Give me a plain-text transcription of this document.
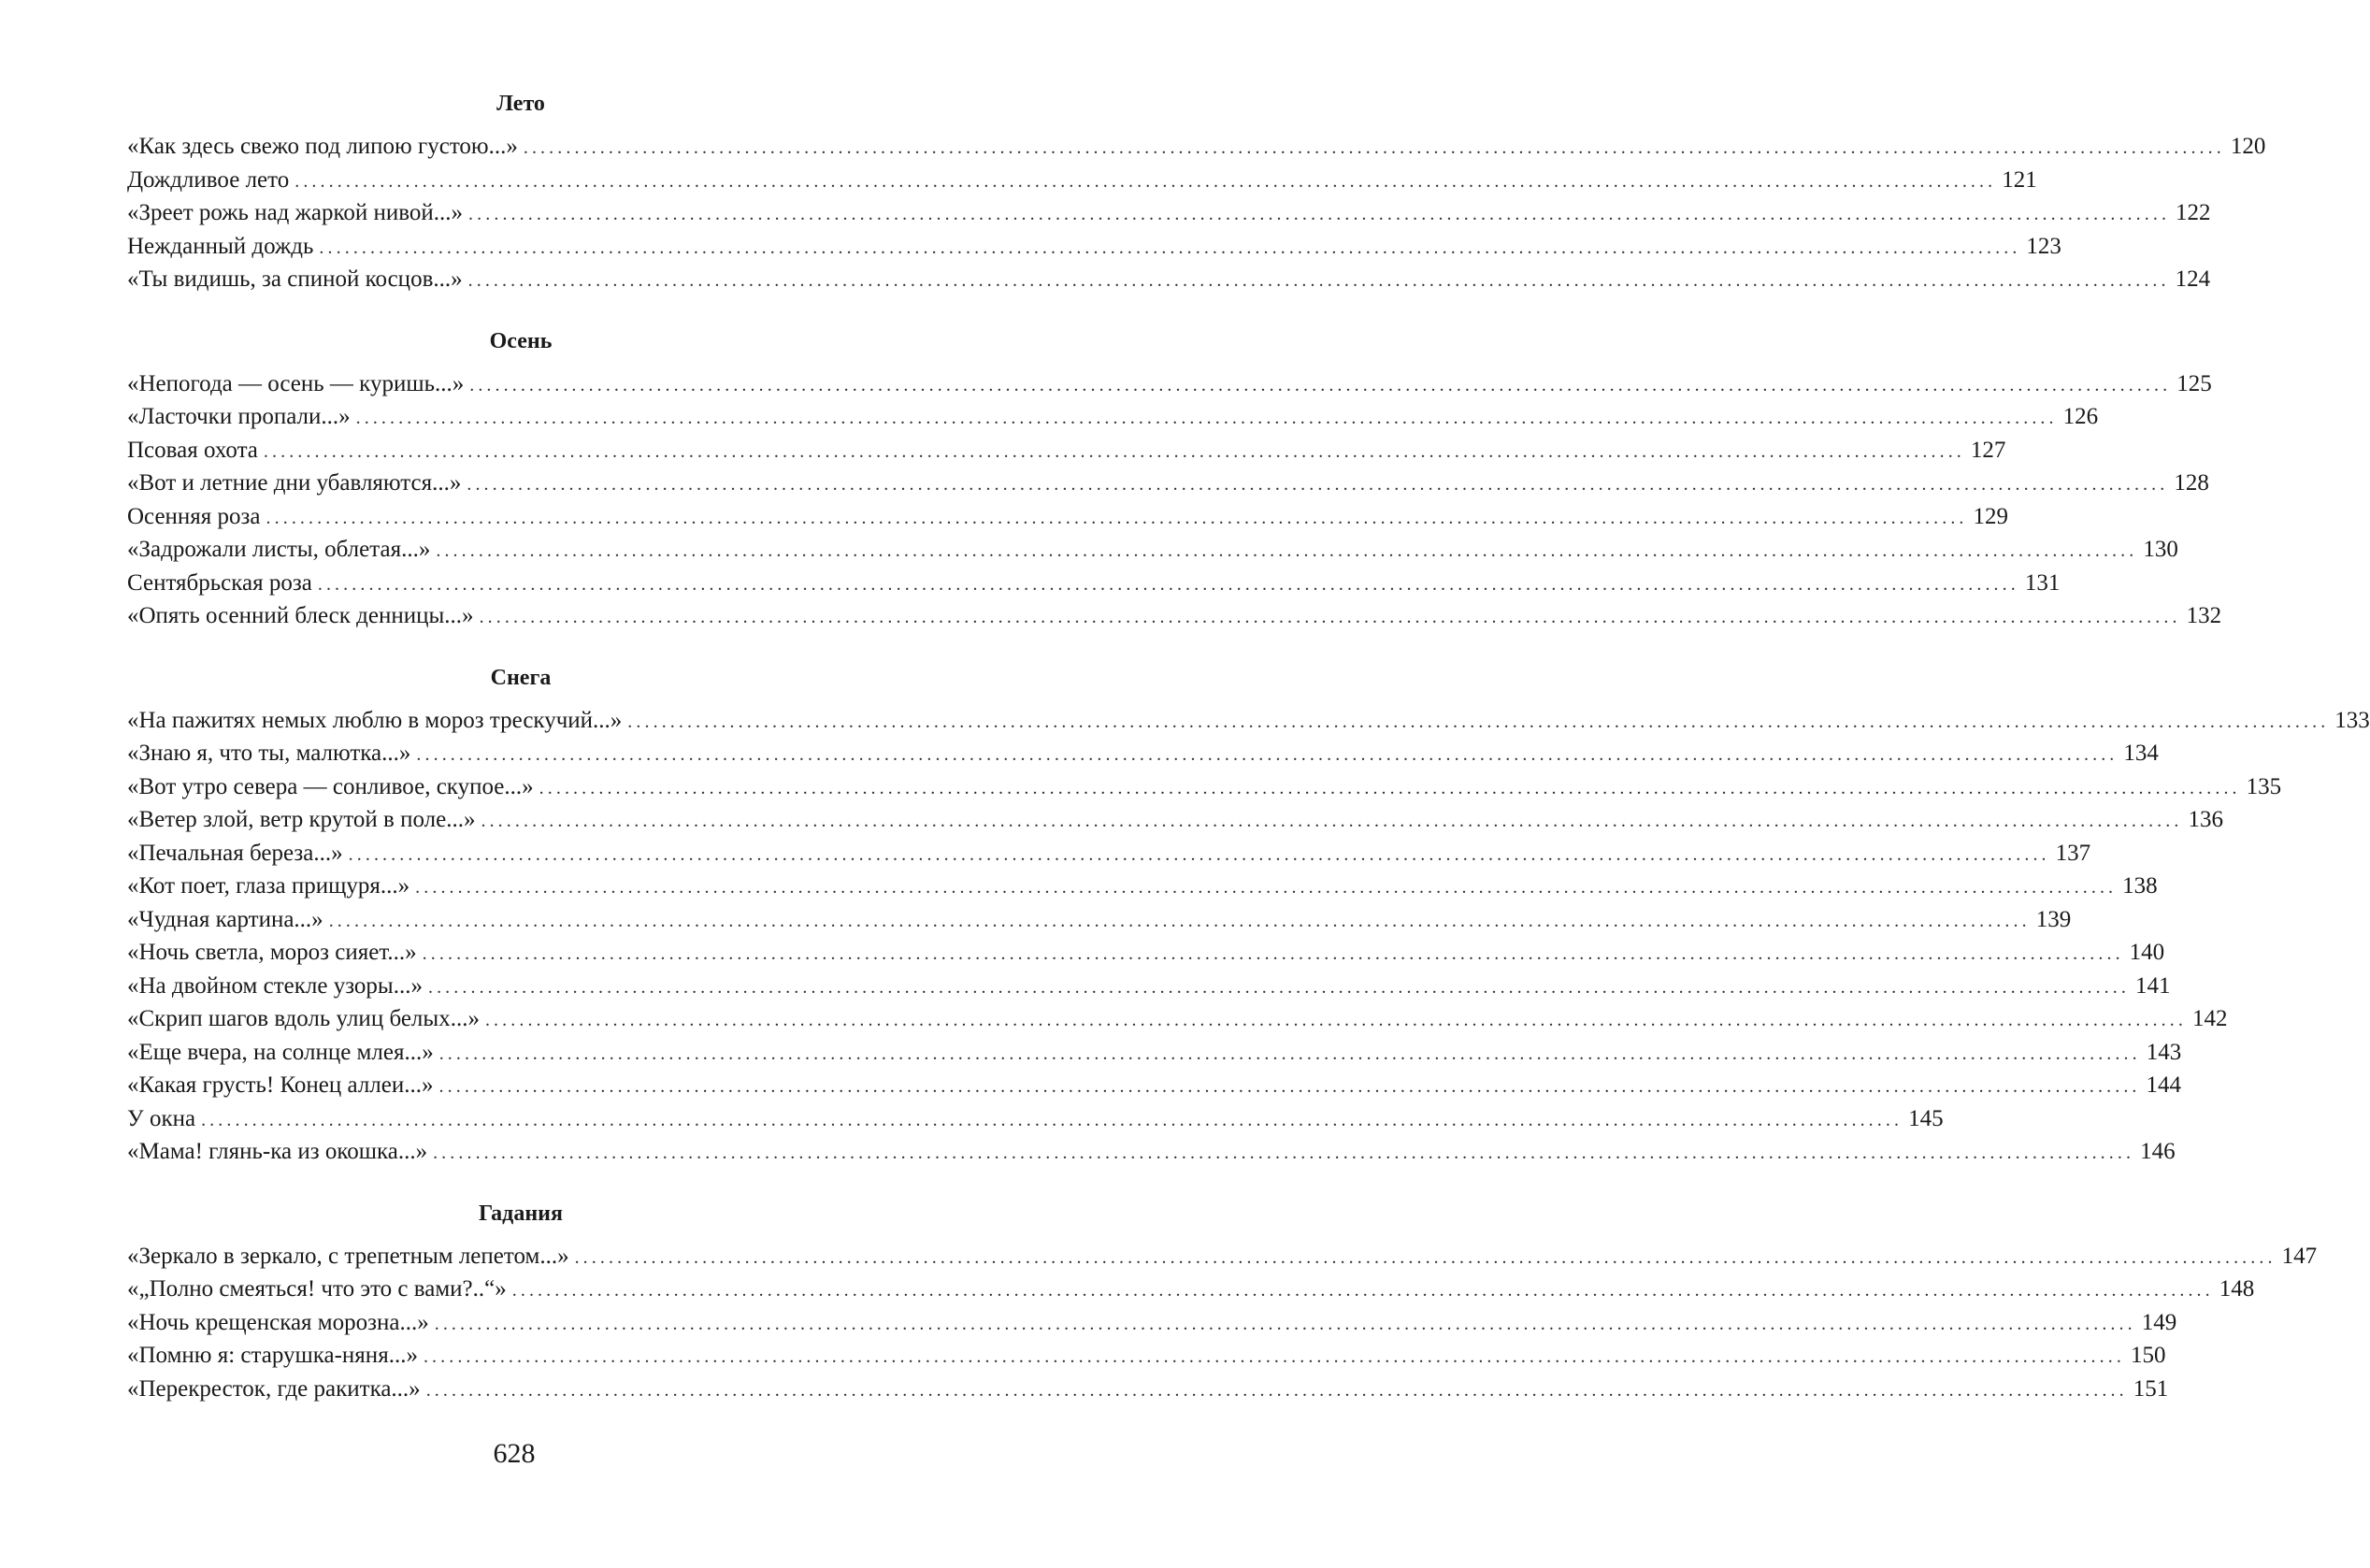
Лето
«Как здесь свежо под липою густою...» ........................................................................................................................................................................................................ 120
Дождливое лето ........................................................................................................................................................................................................ 121
«Зреет рожь над жаркой нивой...» ........................................................................................................................................................................................................ 122
Нежданный дождь ........................................................................................................................................................................................................ 123
«Ты видишь, за спиной косцов...» ........................................................................................................................................................................................................ 124
Осень
«Непогода — осень — куришь...» ........................................................................................................................................................................................................ 125
«Ласточки пропали...» ........................................................................................................................................................................................................ 126
Псовая охота ........................................................................................................................................................................................................ 127
«Вот и летние дни убавляются...» ........................................................................................................................................................................................................ 128
Осенняя роза ........................................................................................................................................................................................................ 129
«Задрожали листы, облетая...» ........................................................................................................................................................................................................ 130
Сентябрьская роза ........................................................................................................................................................................................................ 131
«Опять осенний блеск денницы...» ........................................................................................................................................................................................................ 132
Снега
«На пажитях немых люблю в мороз трескучий...» ........................................................................................................................................................................................................ 133
«Знаю я, что ты, малютка...» ........................................................................................................................................................................................................ 134
«Вот утро севера — сонливое, скупое...» ........................................................................................................................................................................................................ 135
«Ветер злой, ветр крутой в поле...» ........................................................................................................................................................................................................ 136
«Печальная береза...» ........................................................................................................................................................................................................ 137
«Кот поет, глаза прищуря...» ........................................................................................................................................................................................................ 138
«Чудная картина...» ........................................................................................................................................................................................................ 139
«Ночь светла, мороз сияет...» ........................................................................................................................................................................................................ 140
«На двойном стекле узоры...» ........................................................................................................................................................................................................ 141
«Скрип шагов вдоль улиц белых...» ........................................................................................................................................................................................................ 142
«Еще вчера, на солнце млея...» ........................................................................................................................................................................................................ 143
«Какая грусть! Конец аллеи...» ........................................................................................................................................................................................................ 144
У окна ........................................................................................................................................................................................................ 145
«Мама! глянь-ка из окошка...» ........................................................................................................................................................................................................ 146
Гадания
«Зеркало в зеркало, с трепетным лепетом...» ........................................................................................................................................................................................................ 147
«„Полно смеяться! что это с вами?..“» ........................................................................................................................................................................................................ 148
«Ночь крещенская морозна...» ........................................................................................................................................................................................................ 149
«Помню я: старушка-няня...» ........................................................................................................................................................................................................ 150
«Перекресток, где ракитка...» ........................................................................................................................................................................................................ 151
628
